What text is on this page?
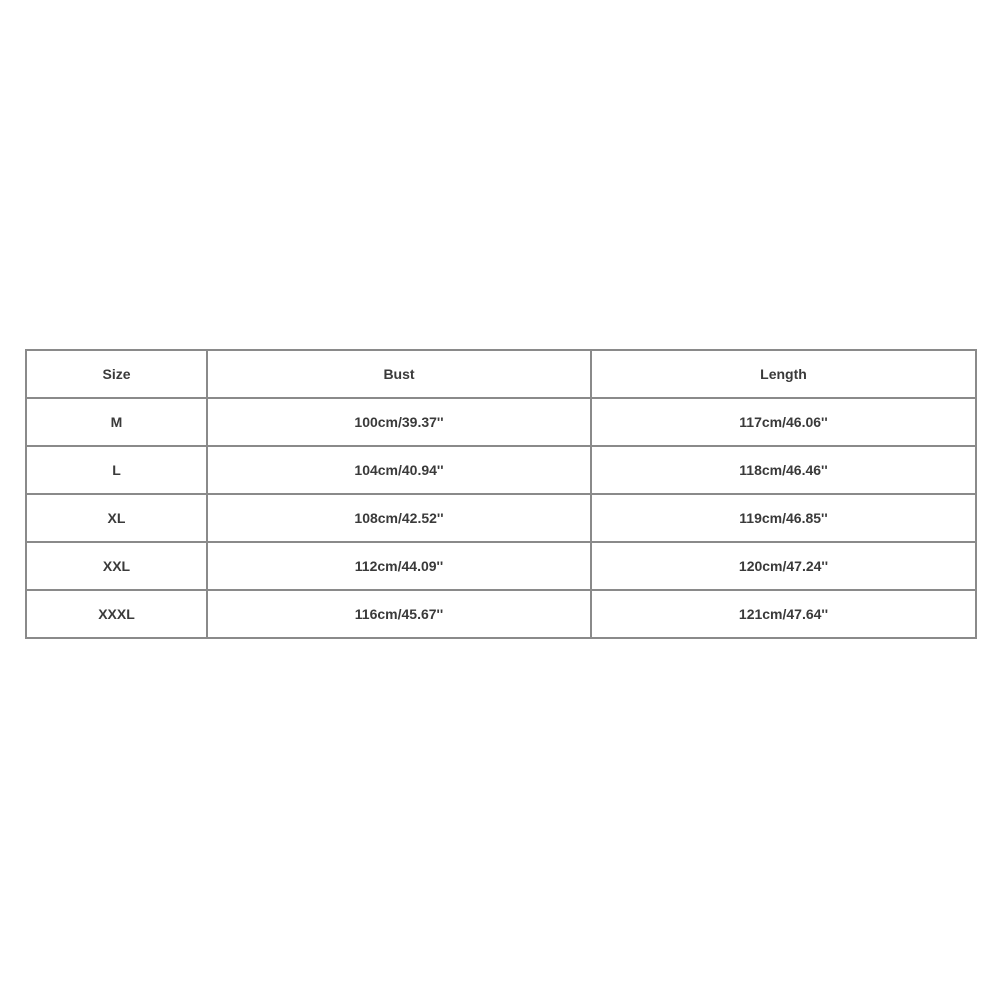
Size	Bust	Length
M	100cm/39.37''	117cm/46.06''
L	104cm/40.94''	118cm/46.46''
XL	108cm/42.52''	119cm/46.85''
XXL	112cm/44.09''	120cm/47.24''
XXXL	116cm/45.67''	121cm/47.64''
